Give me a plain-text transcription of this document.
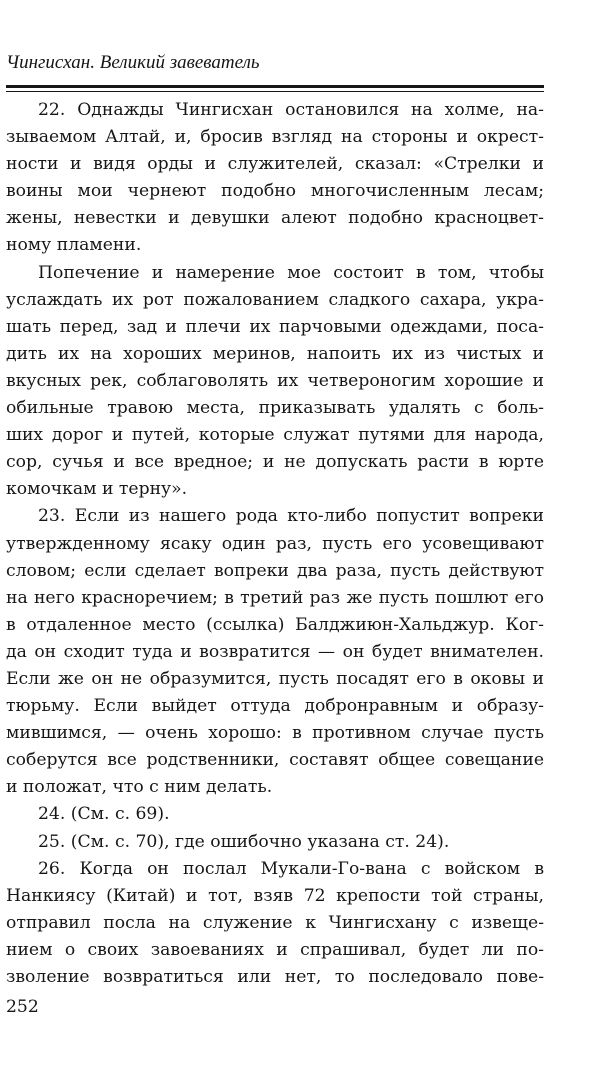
Чингисхан. Великий завеватель
22. Однажды Чингисхан остановился на холме, на-
зываемом Алтай, и, бросив взгляд на стороны и окрест-
ности и видя орды и служителей, сказал: «Стрелки и
воины мои чернеют подобно многочисленным лесам;
жены, невестки и девушки алеют подобно красноцвет-
ному пламени.
Попечение и намерение мое состоит в том, чтобы
услаждать их рот пожалованием сладкого сахара, укра-
шать перед, зад и плечи их парчовыми одеждами, поса-
дить их на хороших меринов, напоить их из чистых и
вкусных рек, соблаговолять их четвероногим хорошие и
обильные травою места, приказывать удалять с боль-
ших дорог и путей, которые служат путями для народа,
сор, сучья и все вредное; и не допускать расти в юрте
комочкам и терну».
23. Если из нашего рода кто-либо попустит вопреки
утвержденному ясаку один раз, пусть его усовещивают
словом; если сделает вопреки два раза, пусть действуют
на него красноречием; в третий раз же пусть пошлют его
в отдаленное место (ссылка) Балджиюн-Хальджур. Ког-
да он сходит туда и возвратится — он будет внимателен.
Если же он не образумится, пусть посадят его в оковы и
тюрьму. Если выйдет оттуда добронравным и образу-
мившимся, — очень хорошо: в противном случае пусть
соберутся все родственники, составят общее совещание
и положат, что с ним делать.
24. (См. с. 69).
25. (См. с. 70), где ошибочно указана ст. 24).
26. Когда он послал Мукали-Го-вана с войском в
Нанкиясу (Китай) и тот, взяв 72 крепости той страны,
отправил посла на служение к Чингисхану с извеще-
нием о своих завоеваниях и спрашивал, будет ли по-
зволение возвратиться или нет, то последовало пове-
252
